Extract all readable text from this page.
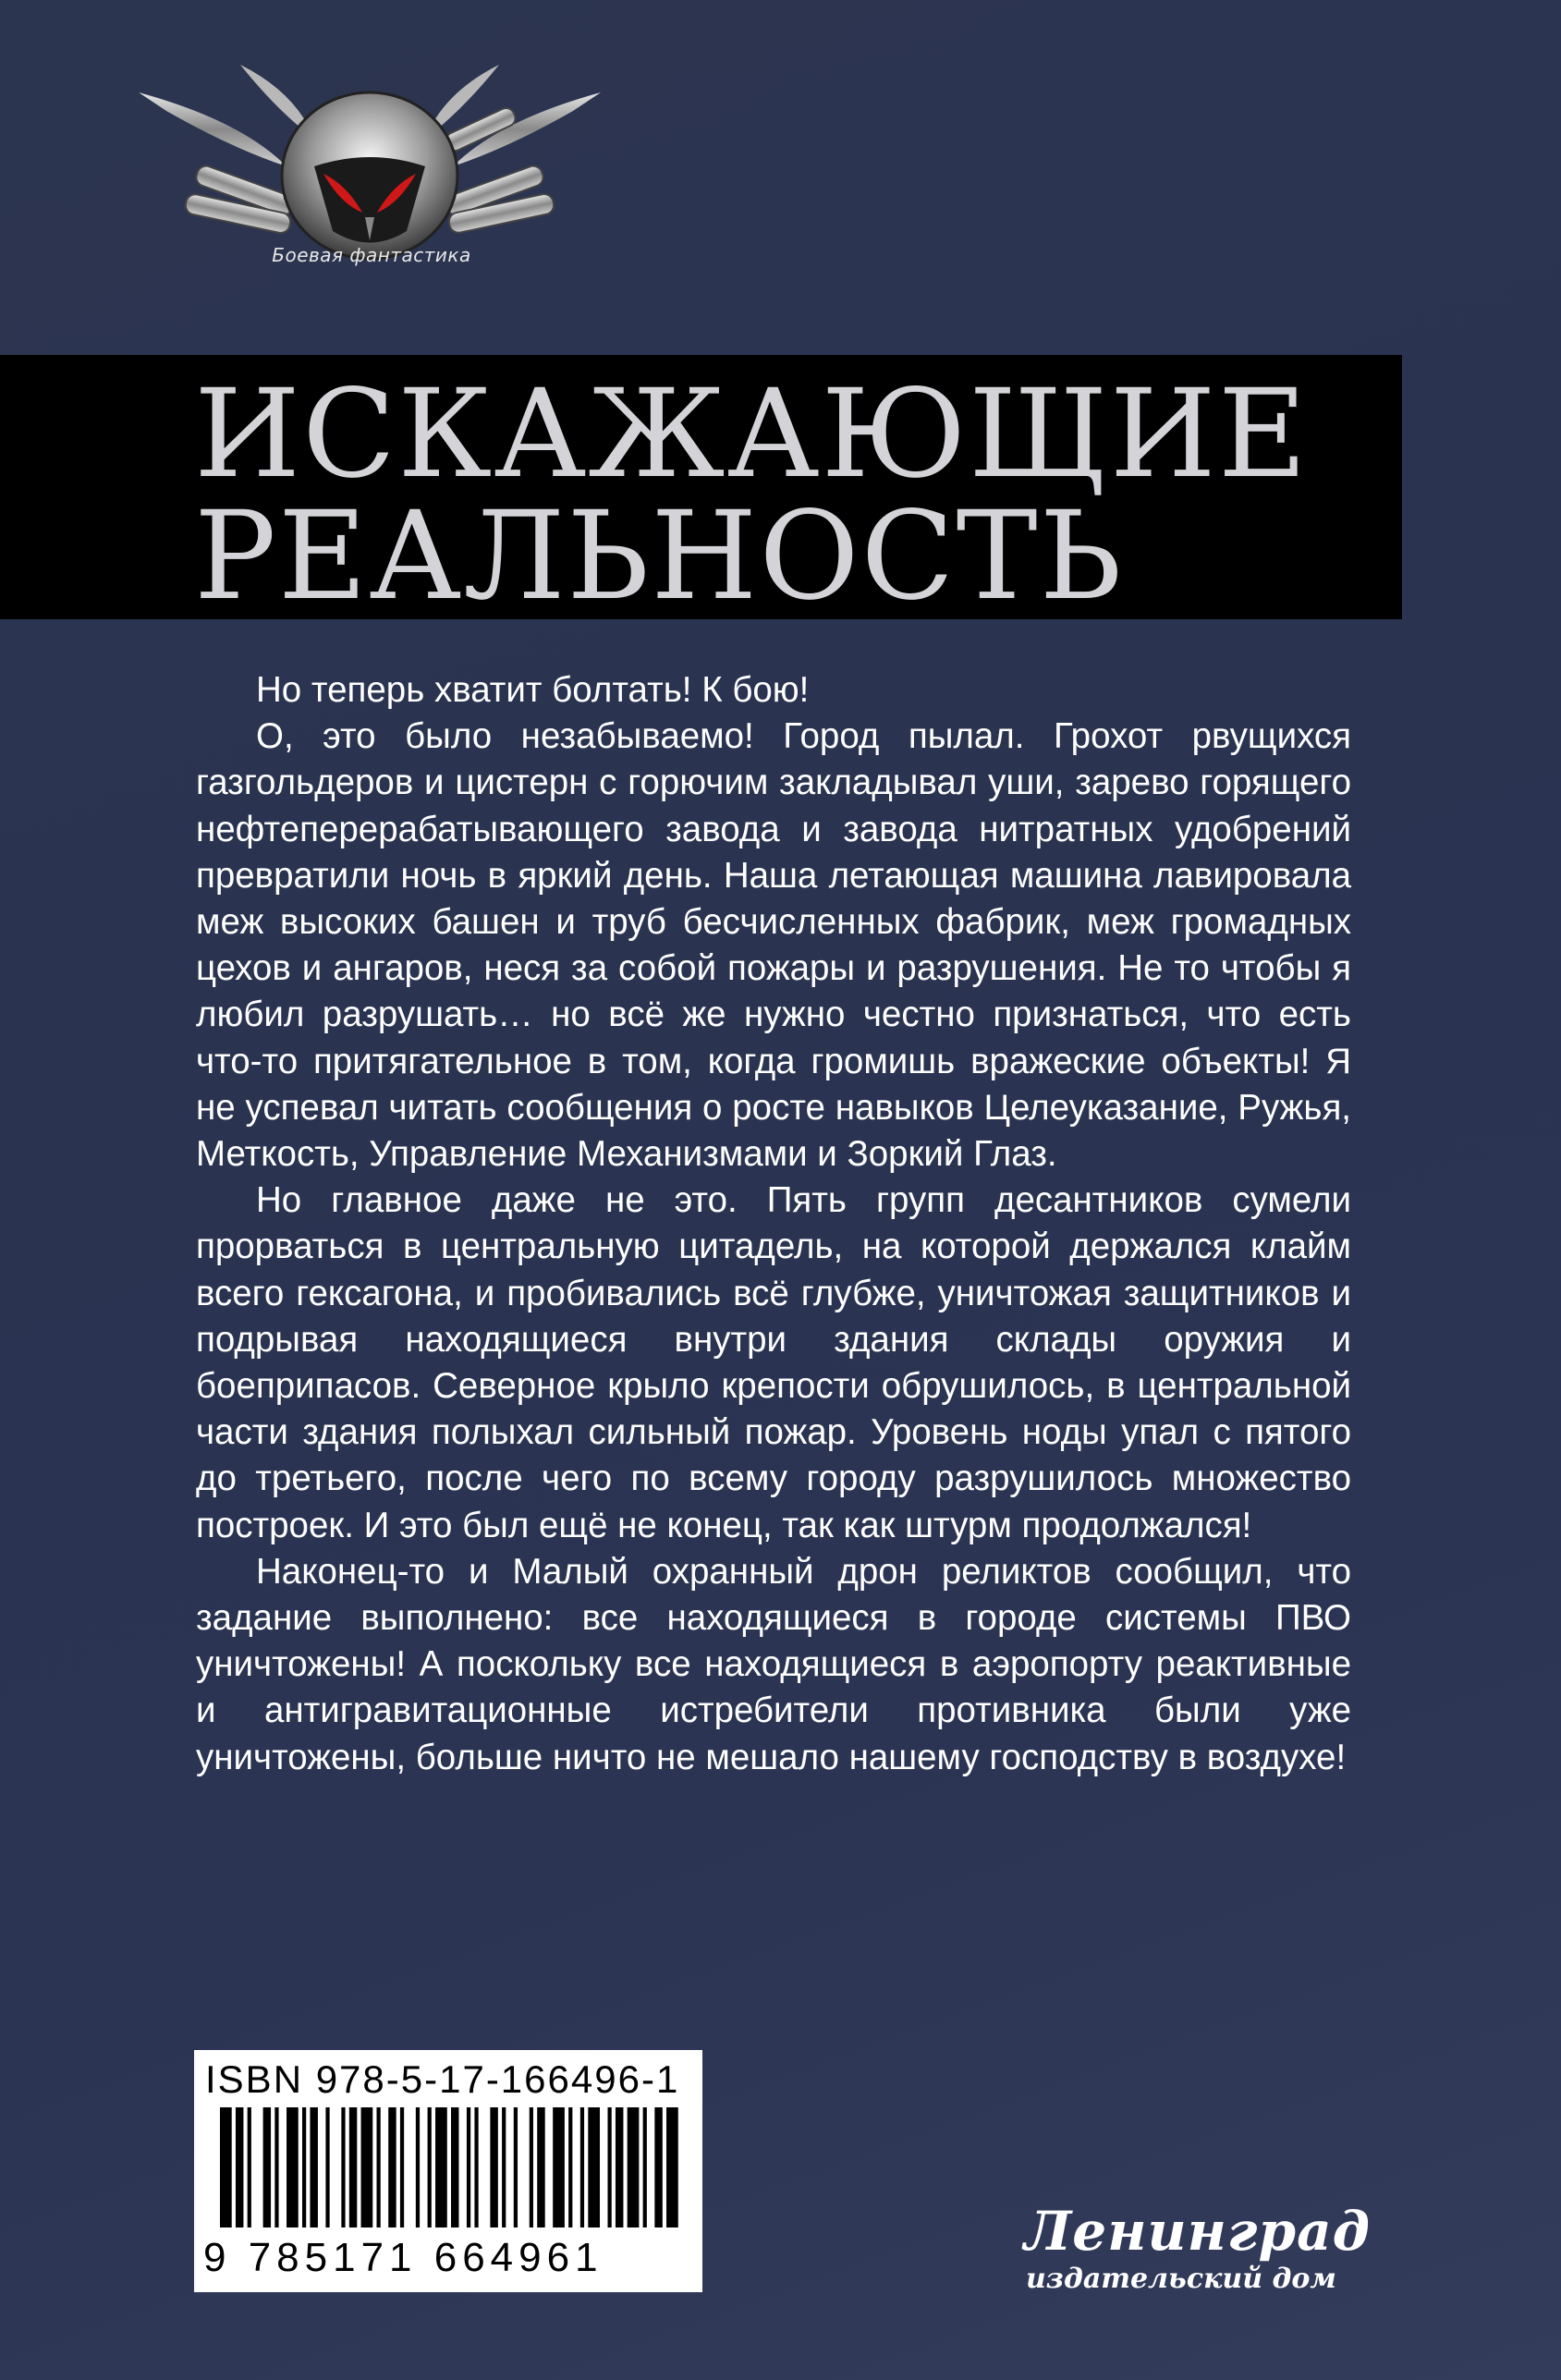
Боевая фантастика
ИСКАЖАЮЩИЕ
РЕАЛЬНОСТЬ

Но теперь хватит болтать! К бою!

О, это было незабываемо! Город пылал. Грохот рвущихся газгольдеров и цистерн с горючим закладывал уши, зарево горящего нефтеперерабатывающего завода и завода нитратных удобрений превратили ночь в яркий день. Наша летающая машина лавировала меж высоких башен и труб бесчисленных фабрик, меж громадных цехов и ангаров, неся за собой пожары и разрушения. Не то чтобы я любил разрушать… но всё же нужно честно признаться, что есть что-то притягательное в том, когда громишь вражеские объекты! Я не успевал читать сообщения о росте навыков Целеуказание, Ружья, Меткость, Управление Механизмами и Зоркий Глаз.

Но главное даже не это. Пять групп десантников сумели прорваться в центральную цитадель, на которой держался клайм всего гексагона, и пробивались всё глубже, уничтожая защитников и подрывая находящиеся внутри здания склады оружия и боеприпасов. Северное крыло крепости обрушилось, в центральной части здания полыхал сильный пожар. Уровень ноды упал с пятого до третьего, после чего по всему городу разрушилось множество построек. И это был ещё не конец, так как штурм продолжался!

Наконец-то и Малый охранный дрон реликтов сообщил, что задание выполнено: все находящиеся в городе системы ПВО уничтожены! А поскольку все находящиеся в аэропорту реактивные и антигравитационные истребители противника были уже уничтожены, больше ничто не мешало нашему господству в воздухе!

ISBN 978-5-17-166496-1
9 785171 664961	Ленинград
издательский дом
